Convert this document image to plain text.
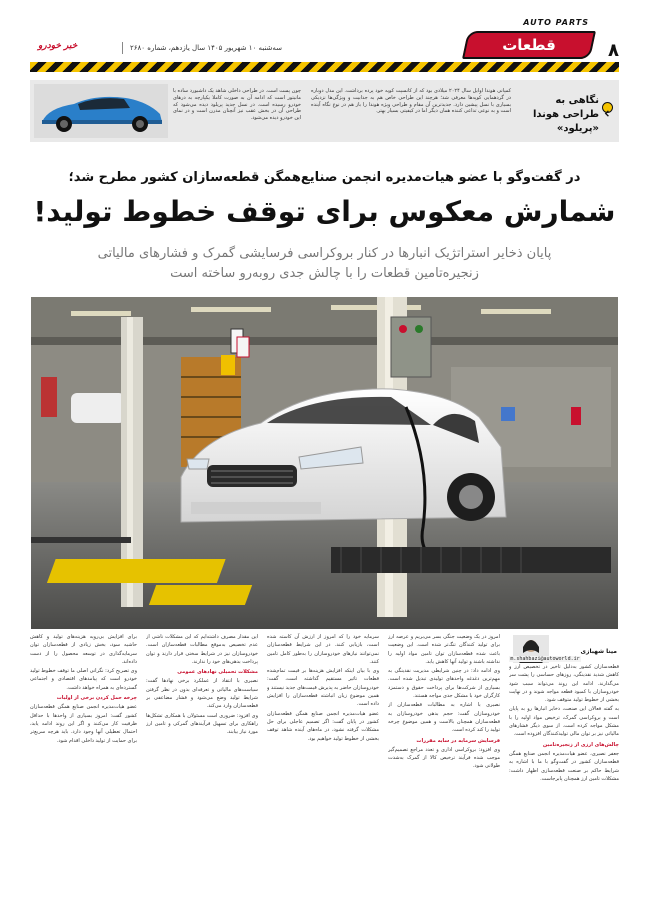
AUTO PARTS
قطعات	۸
سه‌شنبه ۱۰ شهریور ۱۴۰۵ سال یازدهم، شماره ۲۶۸۰
خبر خودرو
نگاهی به طراحی هوندا «پریلود»
کمپانی هوندا اوایل سال ۲۰۲۴ میلادی بود که از کانسپت کوپه خود پرده برداشت. این مدل دوباره در گردهمایی کوپه‌ها معرفی شد؛ هرچند این طراحی خاص هم به جذابیت و ویژگی‌ها نزدیکی بسیاری با نسل پیشین دارد. جدیدترین آن مقام و طراحی ویژه هوندا را باز هم در نوع نگاه آینده است و به نوعی تداعی کننده همان دیگر اما در کیفیتی بسیار بهتر.
چون پست است. در طراحی داخلی شاهد یک داشبورد ساده با مانیتور است که ادامه آن به صورت کاملا یکپارچه به درهای خودرو رسیده است. در نسل جدید پریلود دیده می‌شود که طراحی آن در بخش عقب نیز آنچنان مدرن است و در نمای این خودرو دیده می‌شود.
در گفت‌وگو با عضو هیات‌مدیره انجمن صنایع‌همگن قطعه‌سازان کشور مطرح شد؛
شمارش معکوس برای توقف خطوط تولید!
پایان ذخایر استراتژیک انبارها در کنار بروکراسی فرسایشی گمرک و فشارهای مالیاتی
زنجیره‌تامین قطعات را با چالش جدی روبه‌رو ساخته است
مینا شهبازی
m.shahbazi@autoworld.ir

قطعه‌سازان کشور به‌دلیل تاخیر در تخصیص ارز و کاهش شدید نقدینگی، روزهای حساسی را پشت سر می‌گذارند. ادامه این روند می‌تواند سبب شود خودروسازان با کمبود قطعه مواجه شوند و در نهایت بخشی از خطوط تولید متوقف شود.

به گفته فعالان این صنعت، ذخایر انبارها رو به پایان است و بروکراسی گمرک، ترخیص مواد اولیه را با مشکل مواجه کرده است. از سوی دیگر فشارهای مالیاتی نیز بر توان مالی تولیدکنندگان افزوده است.

چالش‌های ارزی از زنجیره‌تامین

جعفر نصیری، عضو هیات‌مدیره انجمن صنایع همگن قطعه‌سازان کشور در گفت‌وگو با ما با اشاره به شرایط حاکم بر صنعت قطعه‌سازی اظهار داشت: مشکلات تامین ارز همچنان پابرجاست.

امروز در یک وضعیت جنگی بسر می‌بریم و عرصه ارز برای تولید کنندگان تنگ‌تر شده است. این وضعیت باعث شده قطعه‌سازان توان تامین مواد اولیه را نداشته باشند و تولید آنها کاهش یابد.

وی ادامه داد: در چنین شرایطی مدیریت نقدینگی به مهم‌ترین دغدغه واحدهای تولیدی تبدیل شده است. بسیاری از شرکت‌ها برای پرداخت حقوق و دستمزد کارگران خود با مشکل جدی مواجه هستند.

نصیری با اشاره به مطالبات قطعه‌سازان از خودروسازان گفت: حجم بدهی خودروسازان به قطعه‌سازان همچنان بالاست و همین موضوع چرخه تولید را کند کرده است.

فرسایش سرمایه در سایه مقررات

وی افزود: بروکراسی اداری و تعدد مراجع تصمیم‌گیر موجب شده فرآیند ترخیص کالا از گمرک به‌شدت طولانی شود.

سرمایه خود را که امروز از ارزش آن کاسته شده است، بازیابی کنند. در این شرایط قطعه‌سازان نمی‌توانند نیازهای خودروسازان را به‌طور کامل تامین کنند.

وی با بیان اینکه افزایش هزینه‌ها بر قیمت تمام‌شده قطعات تاثیر مستقیم گذاشته است، گفت: خودروسازان حاضر به پذیرش قیمت‌های جدید نیستند و همین موضوع زیان انباشته قطعه‌سازان را افزایش داده است.

عضو هیات‌مدیره انجمن صنایع همگن قطعه‌سازان کشور در پایان گفت: اگر تصمیم عاجلی برای حل مشکلات گرفته نشود، در ماه‌های آینده شاهد توقف بخشی از خطوط تولید خواهیم بود.

این مقدار مصرف داشته‌ایم که این مشکلات ناشی از عدم تخصیص به‌موقع مطالبات قطعه‌سازان است. خودروسازان نیز در شرایط سختی قرار دارند و توان پرداخت بدهی‌های خود را ندارند.

مشکلات تحمیلی نهادهای عمومی

نصیری با انتقاد از عملکرد برخی نهادها گفت: سیاست‌های مالیاتی و تعرفه‌ای بدون در نظر گرفتن شرایط تولید وضع می‌شود و فشار مضاعفی بر قطعه‌سازان وارد می‌کند.

وی افزود: ضروری است مسئولان با همکاری تشکل‌ها راهکاری برای تسهیل فرآیندهای گمرکی و تامین ارز مورد نیاز بیابند.

برای افزایش بی‌رویه هزینه‌های تولید و کاهش حاشیه سود، بخش زیادی از قطعه‌سازان توان سرمایه‌گذاری در توسعه محصول را از دست داده‌اند.

وی تصریح کرد: نگرانی اصلی ما توقف خطوط تولید خودرو است که پیامدهای اقتصادی و اجتماعی گسترده‌ای به همراه خواهد داشت.

چرخه حمل کردن برخی از اولیات

عضو هیات‌مدیره انجمن صنایع همگن قطعه‌سازان کشور گفت: امروز بسیاری از واحدها با حداقل ظرفیت کار می‌کنند و اگر این روند ادامه یابد، احتمال تعطیلی آنها وجود دارد. باید هرچه سریع‌تر برای حمایت از تولید داخلی اقدام شود.
